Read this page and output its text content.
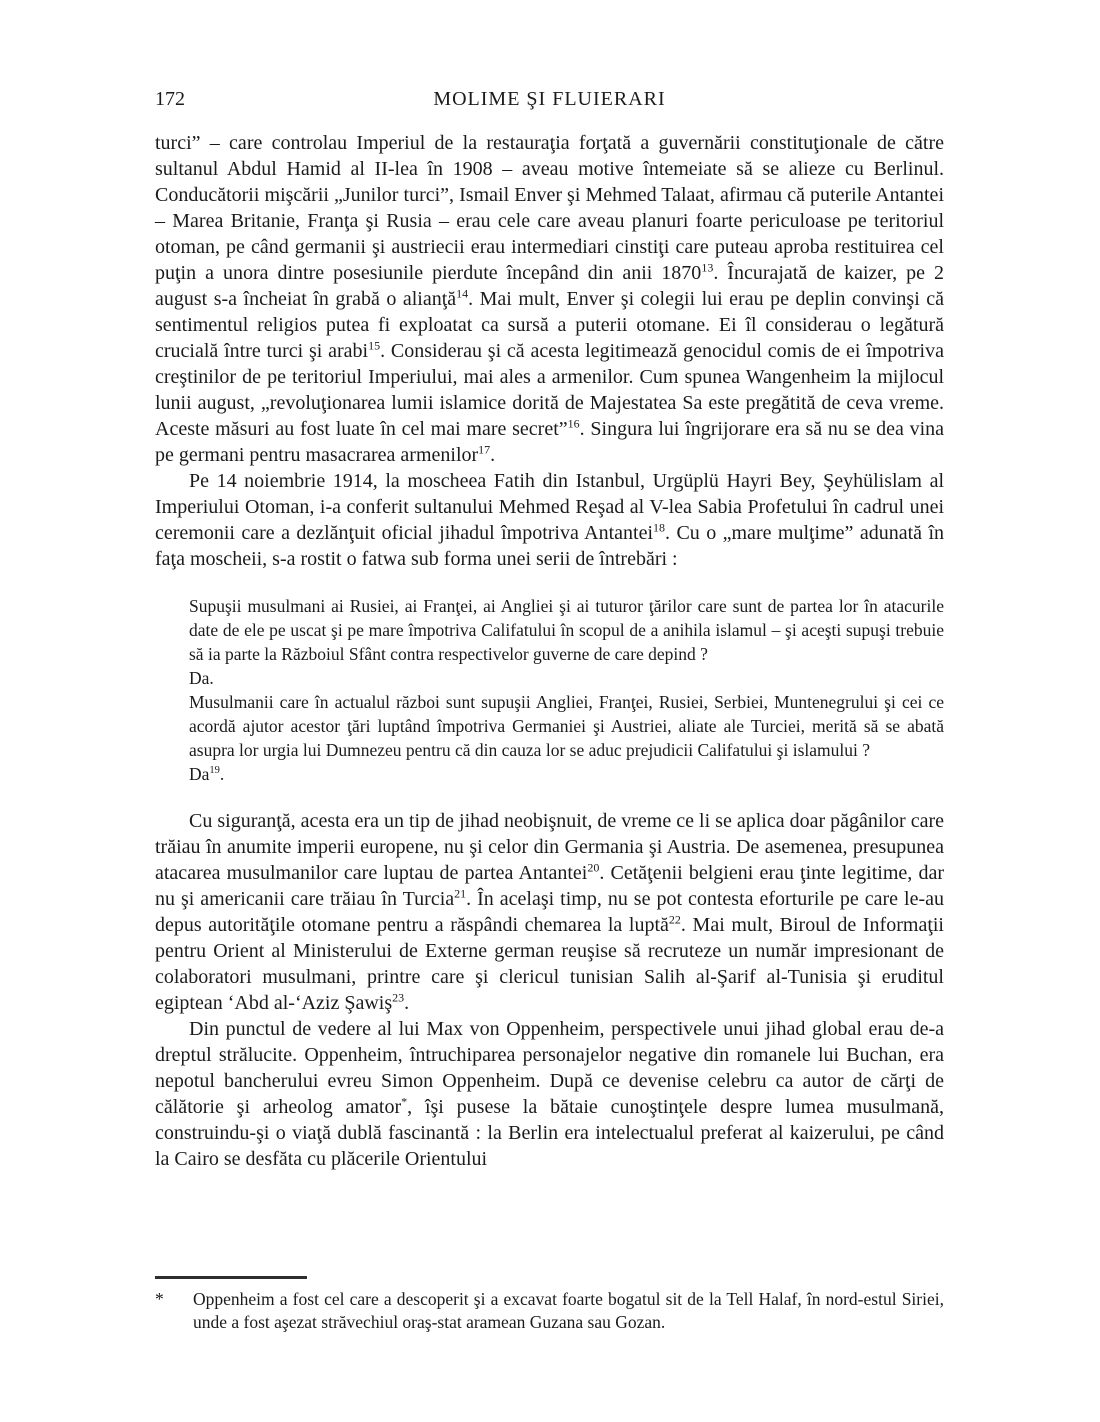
172	MOLIME ŞI FLUIERARI

turci” – care controlau Imperiul de la restauraţia forţată a guvernării constituţionale de către sultanul Abdul Hamid al II-lea în 1908 – aveau motive întemeiate să se alieze cu Berlinul. Conducătorii mişcării „Junilor turci”, Ismail Enver şi Mehmed Talaat, afirmau că puterile Antantei – Marea Britanie, Franţa şi Rusia – erau cele care aveau planuri foarte periculoase pe teritoriul otoman, pe când germanii şi austriecii erau intermediari cinstiţi care puteau aproba restituirea cel puţin a unora dintre posesiunile pierdute începând din anii 1870$^{13}$. Încurajată de kaizer, pe 2 august s-a încheiat în grabă o alianţă$^{14}$. Mai mult, Enver şi colegii lui erau pe deplin convinşi că sentimentul religios putea fi exploatat ca sursă a puterii otomane. Ei îl considerau o legătură crucială între turci şi arabi$^{15}$. Considerau şi că acesta legitimează genocidul comis de ei împotriva creştinilor de pe teritoriul Imperiului, mai ales a armenilor. Cum spunea Wangenheim la mijlocul lunii august, „revoluţionarea lumii islamice dorită de Majestatea Sa este pregătită de ceva vreme. Aceste măsuri au fost luate în cel mai mare secret”$^{16}$. Singura lui îngrijorare era să nu se dea vina pe germani pentru masacrarea armenilor$^{17}$.

Pe 14 noiembrie 1914, la moscheea Fatih din Istanbul, Urgüplü Hayri Bey, Şeyhülislam al Imperiului Otoman, i-a conferit sultanului Mehmed Reşad al V-lea Sabia Profetului în cadrul unei ceremonii care a dezlănţuit oficial jihadul împotriva Antantei$^{18}$. Cu o „mare mulţime” adunată în faţa moscheii, s-a rostit o fatwa sub forma unei serii de întrebări :

Supuşii musulmani ai Rusiei, ai Franţei, ai Angliei şi ai tuturor ţărilor care sunt de partea lor în atacurile date de ele pe uscat şi pe mare împotriva Califatului în scopul de a anihila islamul – şi aceşti supuşi trebuie să ia parte la Războiul Sfânt contra respectivelor guverne de care depind ?

Da.

Musulmanii care în actualul război sunt supuşii Angliei, Franţei, Rusiei, Serbiei, Muntenegrului şi cei ce acordă ajutor acestor ţări luptând împotriva Germaniei şi Austriei, aliate ale Turciei, merită să se abată asupra lor urgia lui Dumnezeu pentru că din cauza lor se aduc prejudicii Califatului şi islamului ?

Da$^{19}$.

Cu siguranţă, acesta era un tip de jihad neobişnuit, de vreme ce li se aplica doar păgânilor care trăiau în anumite imperii europene, nu şi celor din Germania şi Austria. De asemenea, presupunea atacarea musulmanilor care luptau de partea Antantei$^{20}$. Cetăţenii belgieni erau ţinte legitime, dar nu şi americanii care trăiau în Turcia$^{21}$. În acelaşi timp, nu se pot contesta eforturile pe care le-au depus autorităţile otomane pentru a răspândi chemarea la luptă$^{22}$. Mai mult, Biroul de Informaţii pentru Orient al Ministerului de Externe german reuşise să recruteze un număr impresionant de colaboratori musulmani, printre care şi clericul tunisian Salih al-Şarif al-Tunisia şi eruditul egiptean ‘Abd al-‘Aziz Şawiş$^{23}$.

Din punctul de vedere al lui Max von Oppenheim, perspectivele unui jihad global erau de-a dreptul strălucite. Oppenheim, întruchiparea personajelor negative din romanele lui Buchan, era nepotul bancherului evreu Simon Oppenheim. După ce devenise celebru ca autor de cărţi de călătorie şi arheolog amator*, îşi pusese la bătaie cunoştinţele despre lumea musulmană, construindu-şi o viaţă dublă fascinantă : la Berlin era intelectualul preferat al kaizerului, pe când la Cairo se desfăta cu plăcerile Orientului

* Oppenheim a fost cel care a descoperit şi a excavat foarte bogatul sit de la Tell Halaf, în nord-estul Siriei, unde a fost aşezat străvechiul oraş-stat aramean Guzana sau Gozan.
